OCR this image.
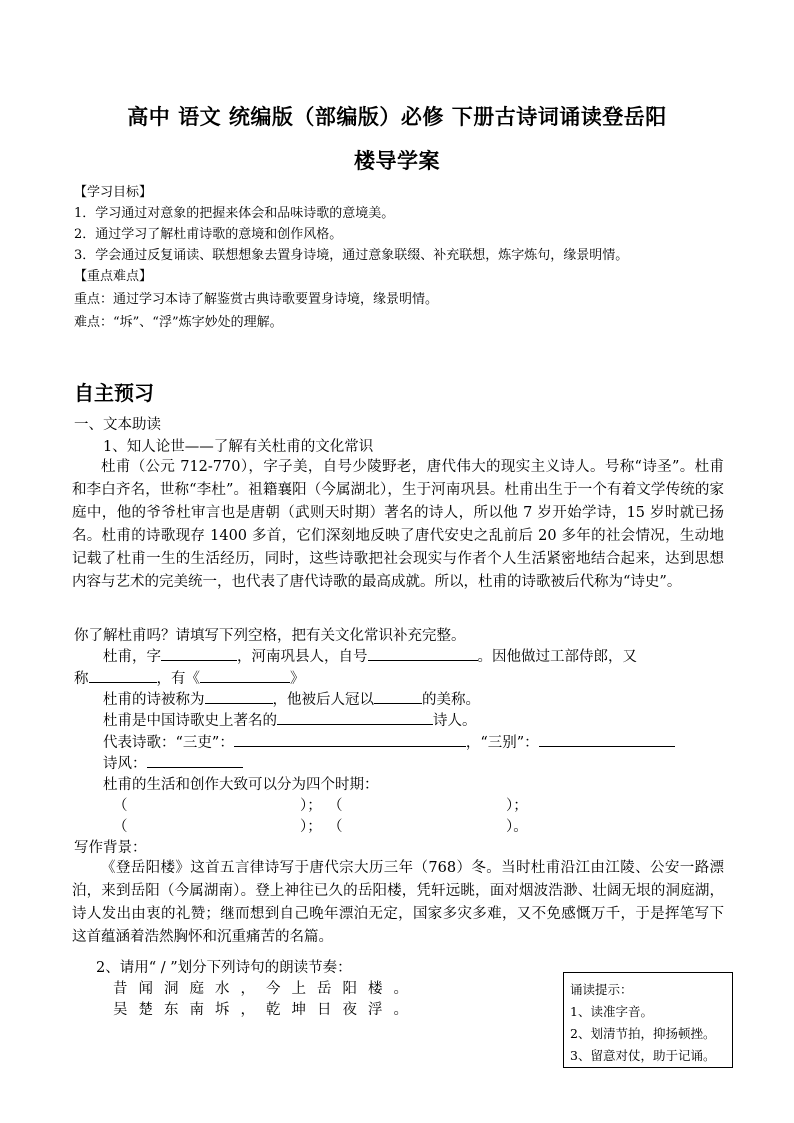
高中 语文 统编版（部编版）必修 下册古诗词诵读登岳阳
楼导学案
【学习目标】
1．学习通过对意象的把握来体会和品味诗歌的意境美。
2．通过学习了解杜甫诗歌的意境和创作风格。
3．学会通过反复诵读、联想想象去置身诗境，通过意象联缀、补充联想，炼字炼句，缘景明情。
【重点难点】
重点：通过学习本诗了解鉴赏古典诗歌要置身诗境，缘景明情。
难点：“坼”、“浮”炼字妙处的理解。
自主预习
一、文本助读
1、知人论世——了解有关杜甫的文化常识
杜甫（公元 712-770），字子美，自号少陵野老，唐代伟大的现实主义诗人。号称“诗圣”。杜甫和李白齐名，世称“李杜”。祖籍襄阳（今属湖北），生于河南巩县。杜甫出生于一个有着文学传统的家庭中，他的爷爷杜审言也是唐朝（武则天时期）著名的诗人，所以他 7 岁开始学诗，15 岁时就已扬名。杜甫的诗歌现存 1400 多首，它们深刻地反映了唐代安史之乱前后 20 多年的社会情况，生动地记载了杜甫一生的生活经历，同时，这些诗歌把社会现实与作者个人生活紧密地结合起来，达到思想内容与艺术的完美统一，也代表了唐代诗歌的最高成就。所以，杜甫的诗歌被后代称为“诗史”。
你了解杜甫吗？请填写下列空格，把有关文化常识补充完整。
杜甫，字	，河南巩县人，自号	。因他做过工部侍郎，又
称	，有《	》
杜甫的诗被称为	，他被后人冠以	的美称。
杜甫是中国诗歌史上著名的	诗人。
代表诗歌：“三吏”：	，“三别”：
诗风：
杜甫的生活和创作大致可以分为四个时期：
（	）； （	）；
（	）； （	）。
写作背景：
《登岳阳楼》这首五言律诗写于唐代宗大历三年（768）冬。当时杜甫沿江由江陵、公安一路漂泊，来到岳阳（今属湖南）。登上神往已久的岳阳楼，凭轩远眺，面对烟波浩渺、壮阔无垠的洞庭湖，诗人发出由衷的礼赞；继而想到自己晚年漂泊无定，国家多灾多难，又不免感慨万千，于是挥笔写下这首蕴涵着浩然胸怀和沉重痛苦的名篇。
2、请用“ / ”划分下列诗句的朗读节奏：
昔闻洞庭水，今上岳阳楼。
吴楚东南坼，乾坤日夜浮。
诵读提示：
1、读准字音。
2、划清节拍，抑扬顿挫。
3、留意对仗，助于记诵。
